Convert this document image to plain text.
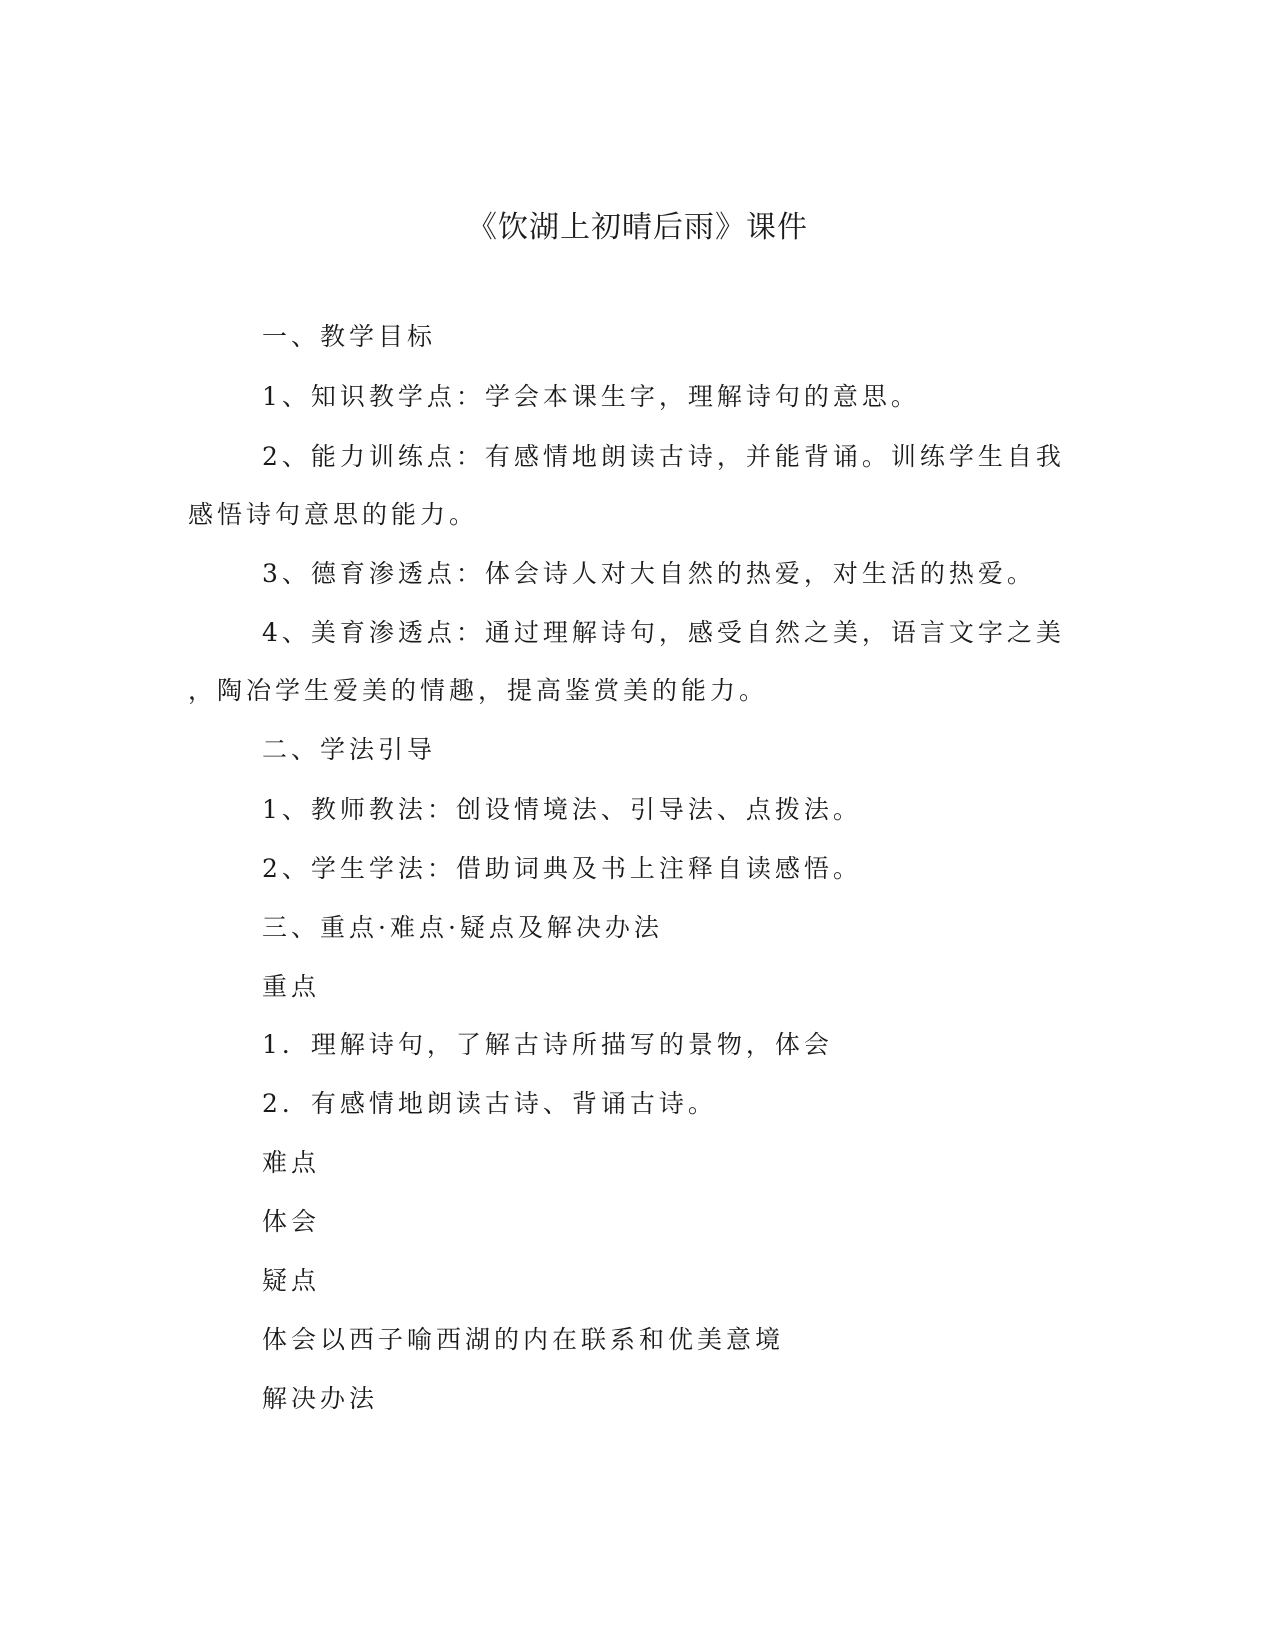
《饮湖上初晴后雨》课件

一、教学目标

1、知识教学点：学会本课生字，理解诗句的意思。

2、能力训练点：有感情地朗读古诗，并能背诵。训练学生自我

感悟诗句意思的能力。

3、德育渗透点：体会诗人对大自然的热爱，对生活的热爱。

4、美育渗透点：通过理解诗句，感受自然之美，语言文字之美

，陶冶学生爱美的情趣，提高鉴赏美的能力。

二、学法引导

1、教师教法：创设情境法、引导法、点拨法。

2、学生学法：借助词典及书上注释自读感悟。

三、重点·难点·疑点及解决办法

重点

1．理解诗句，了解古诗所描写的景物，体会

2．有感情地朗读古诗、背诵古诗。

难点

体会

疑点

体会以西子喻西湖的内在联系和优美意境

解决办法
